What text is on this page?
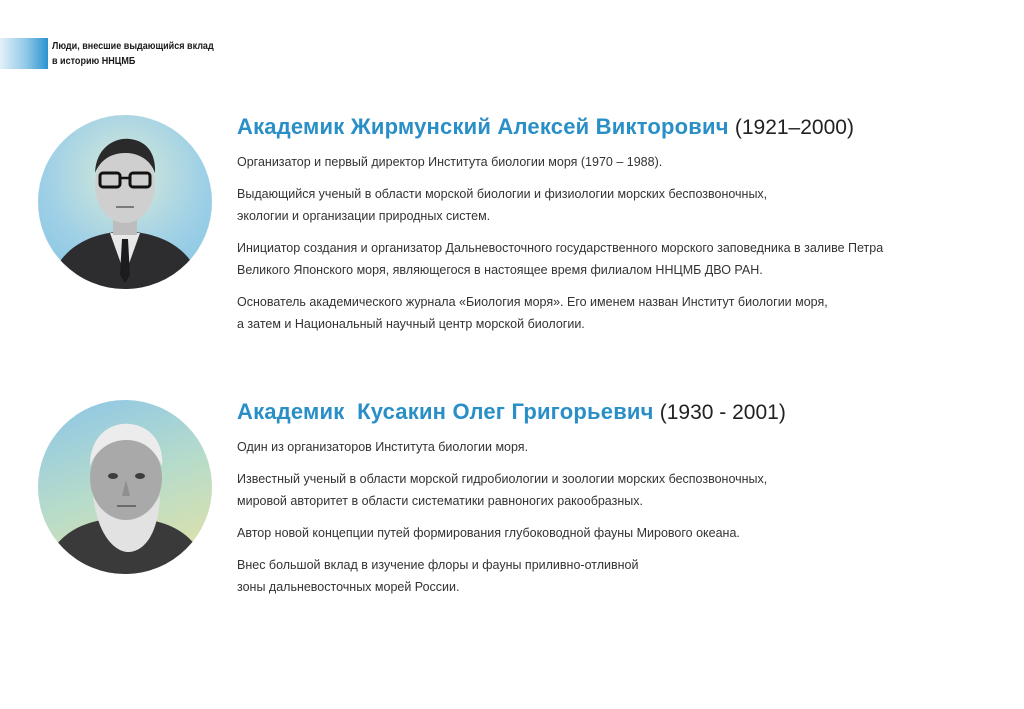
Люди, внесшие выдающийся вклад
в историю ННЦМБ
Академик Жирмунский Алексей Викторович (1921–2000)

Организатор и первый директор Института биологии моря (1970 – 1988).

Выдающийся ученый в области морской биологии и физиологии морских беспозвоночных,
экологии и организации природных систем.

Инициатор создания и организатор Дальневосточного государственного морского заповедника в заливе Петра
Великого Японского моря, являющегося в настоящее время филиалом ННЦМБ ДВО РАН.

Основатель академического журнала «Биология моря». Его именем назван Институт биологии моря,
а затем и Национальный научный центр морской биологии.

Академик  Кусакин Олег Григорьевич (1930 - 2001)

Один из организаторов Института биологии моря.

Известный ученый в области морской гидробиологии и зоологии морских беспозвоночных,
мировой авторитет в области систематики равноногих ракообразных.

Автор новой концепции путей формирования глубоководной фауны Мирового океана.

Внес большой вклад в изучение флоры и фауны приливно-отливной
зоны дальневосточных морей России.
